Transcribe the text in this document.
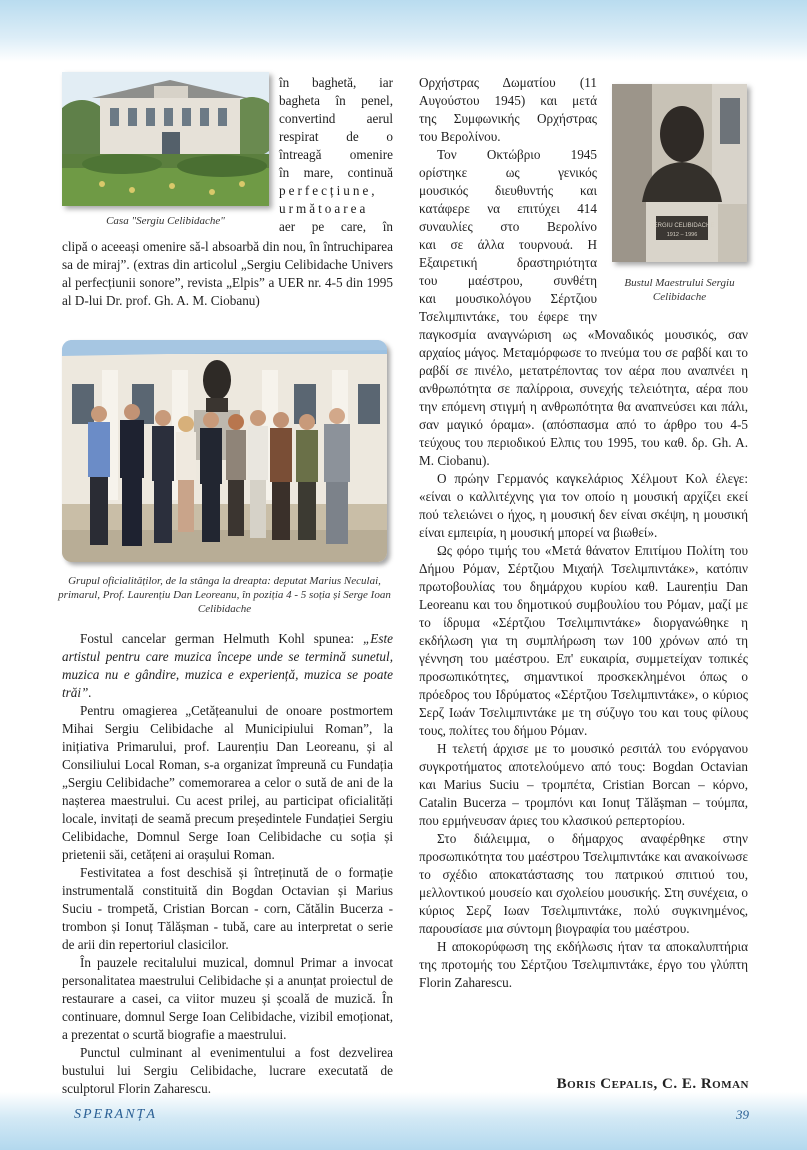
Casa "Sergiu Celibidache"
în baghetă, iar
bagheta în penel,
convertind aerul
respirat de o
întreagă omenire
în mare, continuă
perfecțiune,
următoarea
aer pe care, în

clipă o aceeași omenire să-l absoarbă din nou, în întruchiparea sa de miraj”. (extras din articolul „Sergiu Celibidache Univers al perfecțiunii sonore”, revista „Elpis” a UER nr. 4-5 din 1995 al D-lui Dr. prof. Gh. A. M. Ciobanu)

Grupul oficialităților, de la stânga la dreapta: deputat Marius Neculai, primarul, Prof. Laurențiu Dan Leoreanu, în poziția 4 - 5 soția și Serge Ioan Celibidache

Fostul cancelar german Helmuth Kohl spunea: „Este artistul pentru care muzica începe unde se termină sunetul, muzica nu e gândire, muzica e experiență, muzica se poate trăi”.

Pentru omagierea „Cetățeanului de onoare postmortem Mihai Sergiu Celibidache al Municipiului Roman”, la inițiativa Primarului, prof. Laurențiu Dan Leoreanu, și al Consiliului Local Roman, s-a organizat împreună cu Fundația „Sergiu Celibidache” comemorarea a celor o sută de ani de la nașterea maestrului. Cu acest prilej, au participat oficialități locale, invitați de seamă precum președintele Fundației Sergiu Celibidache, Domnul Serge Ioan Celibidache cu soția și prietenii săi, cetățeni ai orașului Roman.

Festivitatea a fost deschisă și întreținută de o formație instrumentală constituită din Bogdan Octavian și Marius Suciu - trompetă, Cristian Borcan - corn, Cătălin Bucerza - trombon și Ionuț Tălășman - tubă, care au interpretat o serie de arii din repertoriul clasicilor.

În pauzele recitalului muzical, domnul Primar a invocat personalitatea maestrului Celibidache și a anunțat proiectul de restaurare a casei, ca viitor muzeu și școală de muzică. În continuare, domnul Serge Ioan Celibidache, vizibil emoționat, a prezentat o scurtă biografie a maestrului.

Punctul culminant al evenimentului a fost dezvelirea bustului lui Sergiu Celibidache, lucrare executată de sculptorul Florin Zaharescu.

SERGIU CELIBIDACHE
1912 – 1996
Bustul Maestrului Sergiu Celibidache
Ορχήστρας Δωματίου (11
Αυγούστου 1945) και μετά
της Συμφωνικής Ορχήστρας
του Βερολίνου.
Τον Οκτώβριο 1945
ορίστηκε ως γενικός
μουσικός διευθυντής και
κατάφερε να επιτύχει 414
συναυλίες στο Βερολίνο
και σε άλλα τουρνουά. Η
Εξαιρετική δραστηριότητα
του μαέστρου, συνθέτη
και μουσικολόγου Σέρτζιου
Τσελιμπιντάκε, του έφερε την

παγκοσμία αναγνώριση ως «Μοναδικός μουσικός, σαν αρχαίος μάγος. Μεταμόρφωσε το πνεύμα του σε ραβδί και το ραβδί σε πινέλο, μετατρέποντας τον αέρα που αναπνέει η ανθρωπότητα σε παλίρροια, συνεχής τελειότητα, αέρα που την επόμενη στιγμή η ανθρωπότητα θα αναπνεύσει και πάλι, σαν μαγικό όραμα». (απόσπασμα από το άρθρο του 4-5 τεύχους του περιοδικού Ελπις του 1995, του καθ. δρ. Gh. A. M. Ciobanu).

Ο πρώην Γερμανός καγκελάριος Χέλμουτ Κολ έλεγε: «είναι ο καλλιτέχνης για τον οποίο η μουσική αρχίζει εκεί πού τελειώνει ο ήχος, η μουσική δεν είναι σκέψη, η μουσική είναι εμπειρία, η μουσική μπορεί να βιωθεί».

Ως φόρο τιμής του «Μετά θάνατον Επιτίμου Πολίτη του Δήμου Ρόμαν, Σέρτζιου Μιχαήλ Τσελιμπιντάκε», κατόπιν πρωτοβουλίας του δημάρχου κυρίου καθ. Laurențiu Dan Leoreanu και του δημοτικού συμβουλίου του Ρόμαν, μαζί με το ίδρυμα «Σέρτζιου Τσελιμπιντάκε» διοργανώθηκε η εκδήλωση για τη συμπλήρωση των 100 χρόνων από τη γέννηση του μαέστρου. Επ' ευκαιρία, συμμετείχαν τοπικές προσωπικότητες, σημαντικοί προσκεκλημένοι όπως ο πρόεδρος του Ιδρύματος «Σέρτζιου Τσελιμπιντάκε», ο κύριος Σερζ Ιωάν Τσελιμπιντάκε με τη σύζυγο του και τους φίλους τους, πολίτες του δήμου Ρόμαν.

Η τελετή άρχισε με το μουσικό ρεσιτάλ του ενόργανου συγκροτήματος αποτελούμενο από τους: Bogdan Octavian και Marius Suciu – τρομπέτα, Cristian Borcan – κόρνο, Catalin Bucerza – τρομπόνι και Ionuț Tălășman – τούμπα, που ερμήνευσαν άριες του κλασικού ρεπερτορίου.

Στο διάλειμμα, ο δήμαρχος αναφέρθηκε στην προσωπικότητα του μαέστρου Τσελιμπιντάκε και ανακοίνωσε το σχέδιο αποκατάστασης του πατρικού σπιτιού του, μελλοντικού μουσείο και σχολείου μουσικής. Στη συνέχεια, ο κύριος Σερζ Ιωαν Τσελιμπιντάκε, πολύ συγκινημένος, παρουσίασε μια σύντομη βιογραφία του μαέστρου.

Η αποκορύφωση της εκδήλωσις ήταν τα αποκαλυπτήρια της προτομής του Σέρτζιου Τσελιμπιντάκε, έργο του γλύπτη Florin Zaharescu.

Boris Cepalis, C. E. Roman
SPERANȚA	39
